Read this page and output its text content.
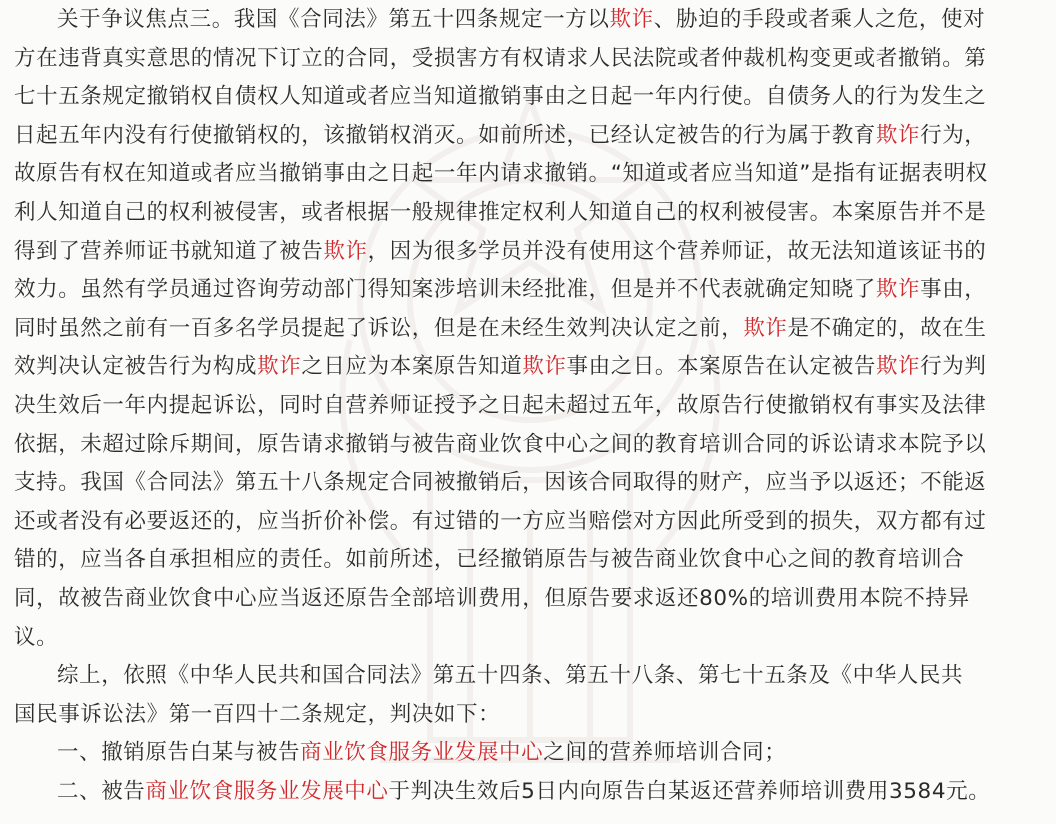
关于争议焦点三。我国《合同法》第五十四条规定一方以欺诈、胁迫的手段或者乘人之危，使对
方在违背真实意思的情况下订立的合同，受损害方有权请求人民法院或者仲裁机构变更或者撤销。第
七十五条规定撤销权自债权人知道或者应当知道撤销事由之日起一年内行使。自债务人的行为发生之
日起五年内没有行使撤销权的，该撤销权消灭。如前所述，已经认定被告的行为属于教育欺诈行为，
故原告有权在知道或者应当撤销事由之日起一年内请求撤销。“知道或者应当知道”是指有证据表明权
利人知道自己的权利被侵害，或者根据一般规律推定权利人知道自己的权利被侵害。本案原告并不是
得到了营养师证书就知道了被告欺诈，因为很多学员并没有使用这个营养师证，故无法知道该证书的
效力。虽然有学员通过咨询劳动部门得知案涉培训未经批准，但是并不代表就确定知晓了欺诈事由，
同时虽然之前有一百多名学员提起了诉讼，但是在未经生效判决认定之前，欺诈是不确定的，故在生
效判决认定被告行为构成欺诈之日应为本案原告知道欺诈事由之日。本案原告在认定被告欺诈行为判
决生效后一年内提起诉讼，同时自营养师证授予之日起未超过五年，故原告行使撤销权有事实及法律
依据，未超过除斥期间，原告请求撤销与被告商业饮食中心之间的教育培训合同的诉讼请求本院予以
支持。我国《合同法》第五十八条规定合同被撤销后，因该合同取得的财产，应当予以返还；不能返
还或者没有必要返还的，应当折价补偿。有过错的一方应当赔偿对方因此所受到的损失，双方都有过
错的，应当各自承担相应的责任。如前所述，已经撤销原告与被告商业饮食中心之间的教育培训合
同，故被告商业饮食中心应当返还原告全部培训费用，但原告要求返还80%的培训费用本院不持异
议。
综上，依照《中华人民共和国合同法》第五十四条、第五十八条、第七十五条及《中华人民共
国民事诉讼法》第一百四十二条规定，判决如下：
一、撤销原告白某与被告商业饮食服务业发展中心之间的营养师培训合同；
二、被告商业饮食服务业发展中心于判决生效后5日内向原告白某返还营养师培训费用3584元。
